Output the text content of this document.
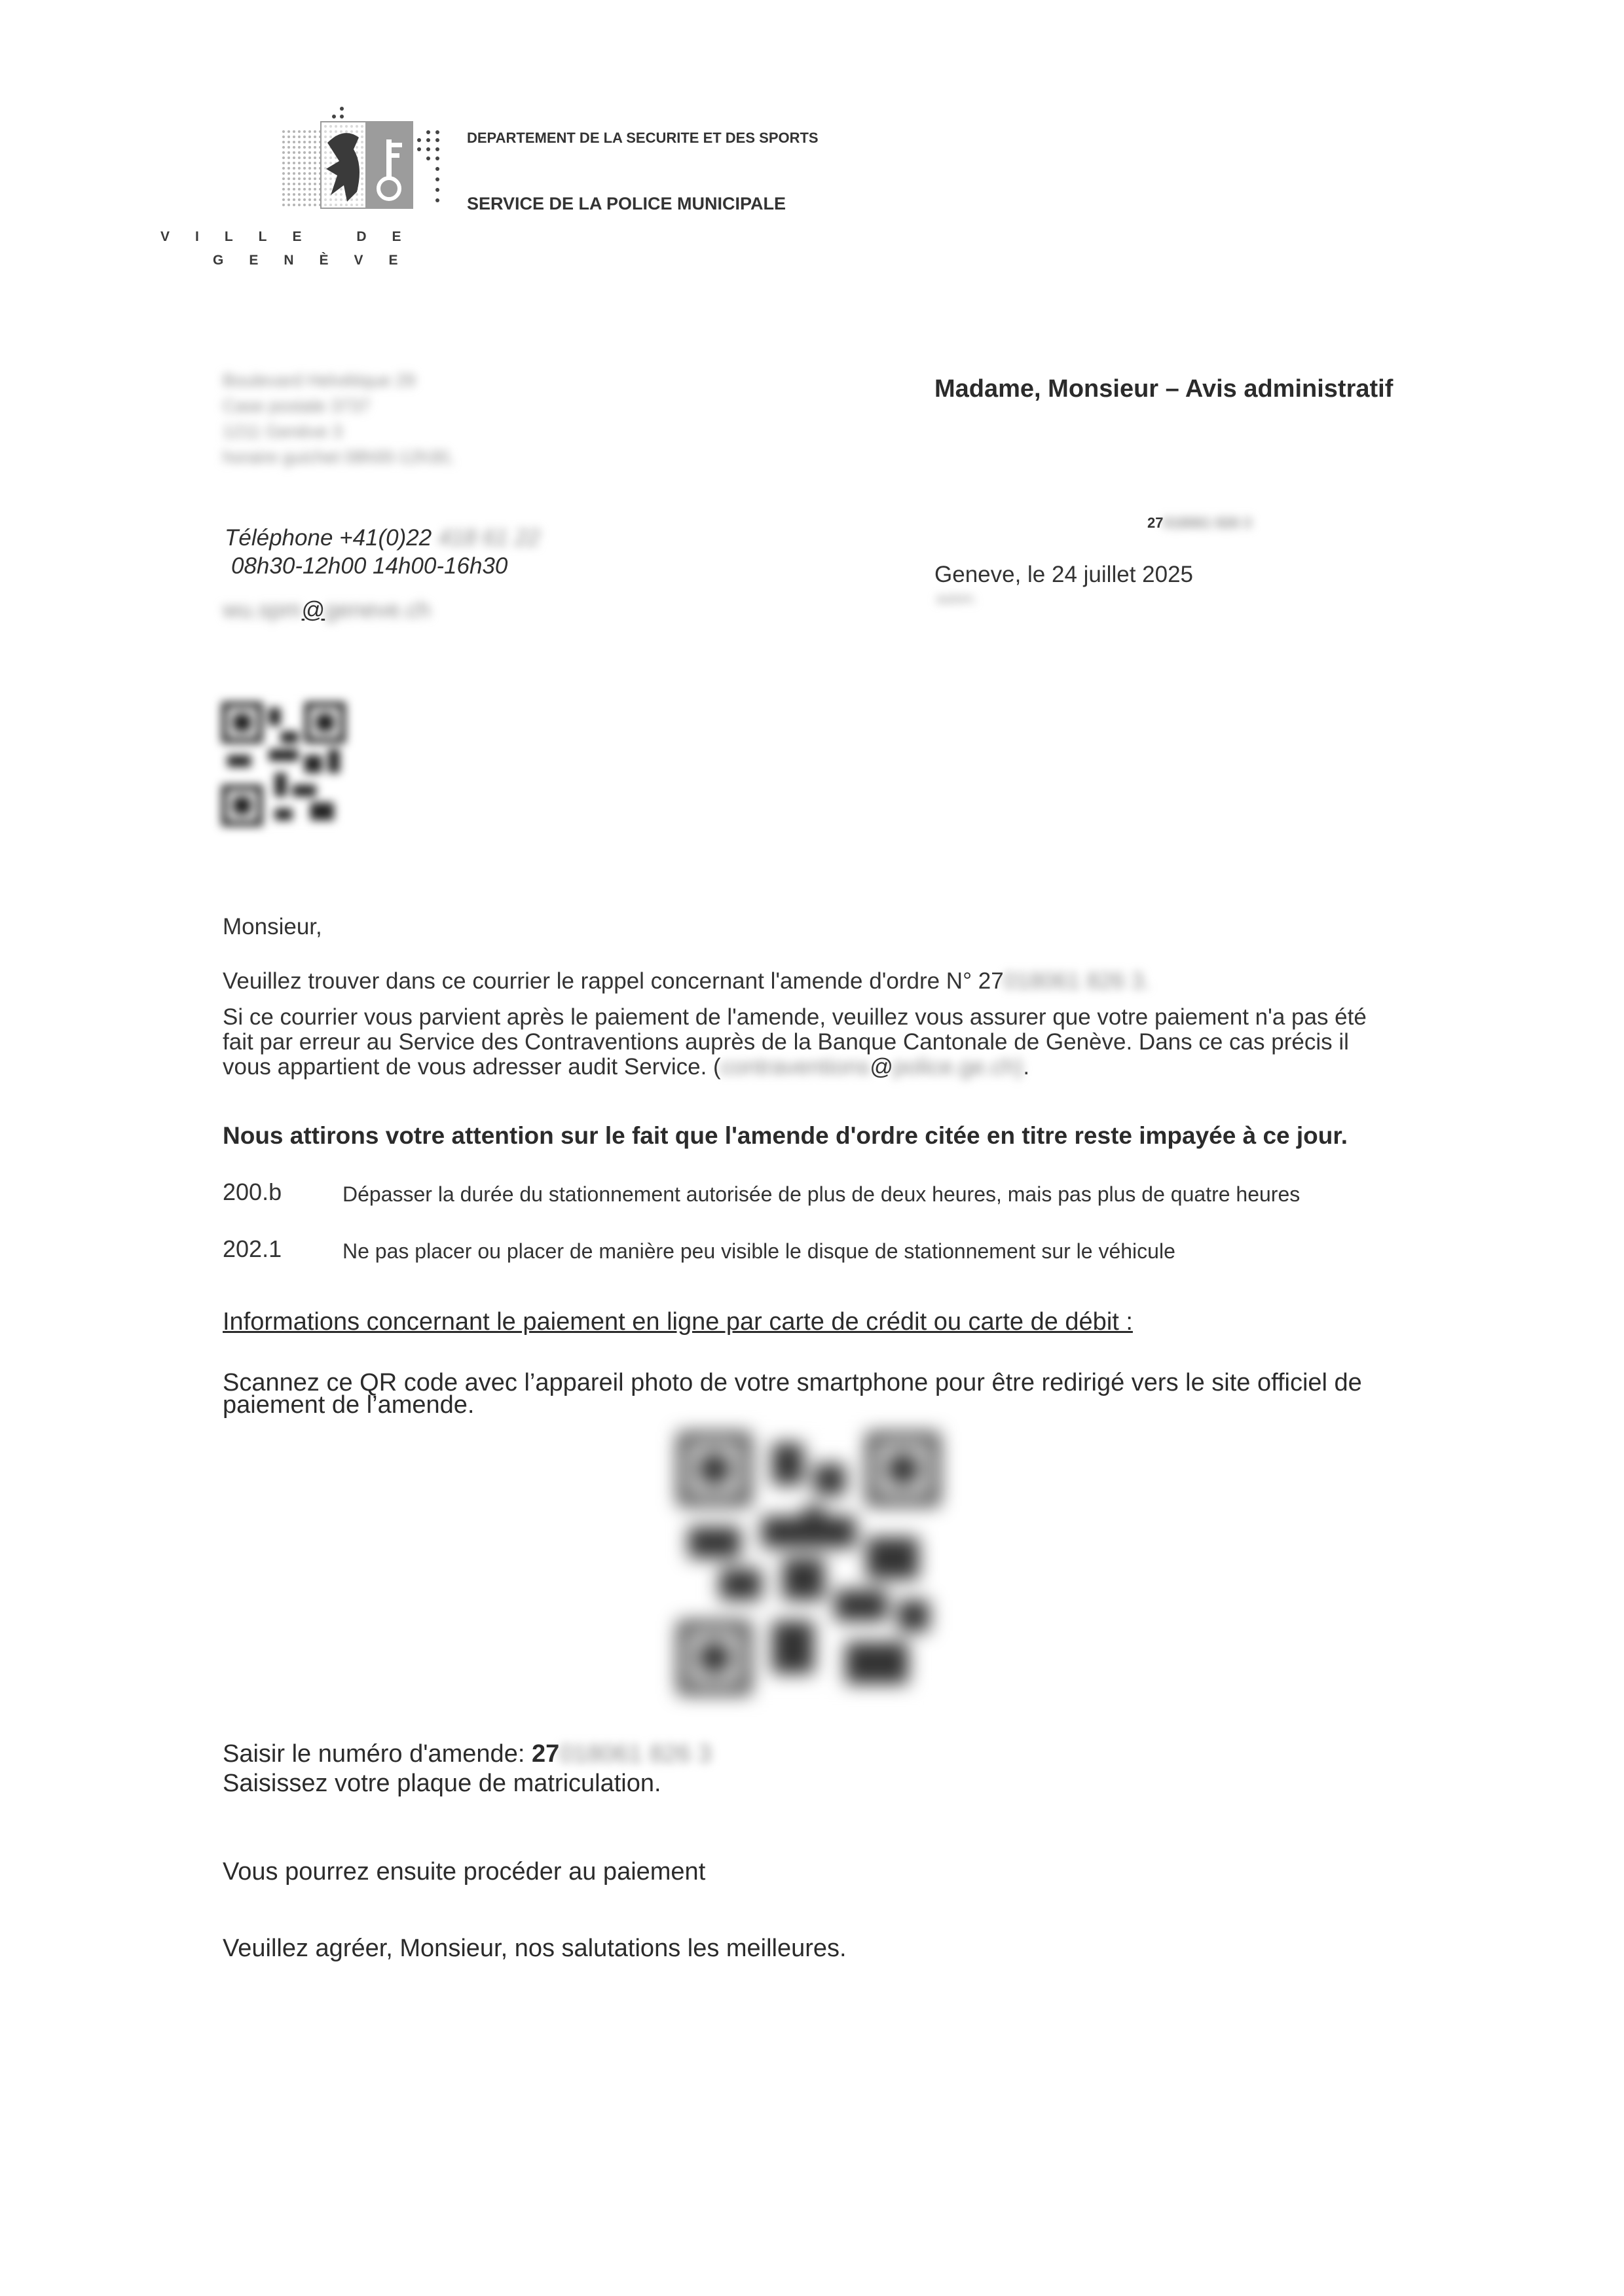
VILLE DE
GENÈVE
DEPARTEMENT DE LA SECURITE ET DES SPORTS
SERVICE DE LA POLICE MUNICIPALE
Boulevard Helvétique 29
Case postale 3737
1211 Genève 3
horaire guichet 08h00-12h30,
Téléphone +41(0)22 418 61 22
08h30-12h00 14h00-16h30
wu.spm@geneve.ch
Madame, Monsieur – Avis administratif
27018061 826 3
Geneve, le 24 juillet 2025
autom.
Monsieur,
Veuillez trouver dans ce courrier le rappel concernant l'amende d'ordre N° 27018061 826 3.
Si ce courrier vous parvient après le paiement de l'amende, veuillez vous assurer que votre paiement n'a pas été fait par erreur au Service des Contraventions auprès de la Banque Cantonale de Genève. Dans ce cas précis il vous appartient de vous adresser audit Service. (contraventions@police.ge.ch).
Nous attirons votre attention sur le fait que l'amende d'ordre citée en titre reste impayée à ce jour.
200.b	Dépasser la durée du stationnement autorisée de plus de deux heures, mais pas plus de quatre heures
202.1	Ne pas placer ou placer de manière peu visible le disque de stationnement sur le véhicule
Informations concernant le paiement en ligne par carte de crédit ou carte de débit :
Scannez ce QR code avec l’appareil photo de votre smartphone pour être redirigé vers le site officiel de paiement de l’amende.
Saisir le numéro d'amende: 27018061 826 3
Saisissez votre plaque de matriculation.
Vous pourrez ensuite procéder au paiement
Veuillez agréer, Monsieur, nos salutations les meilleures.
